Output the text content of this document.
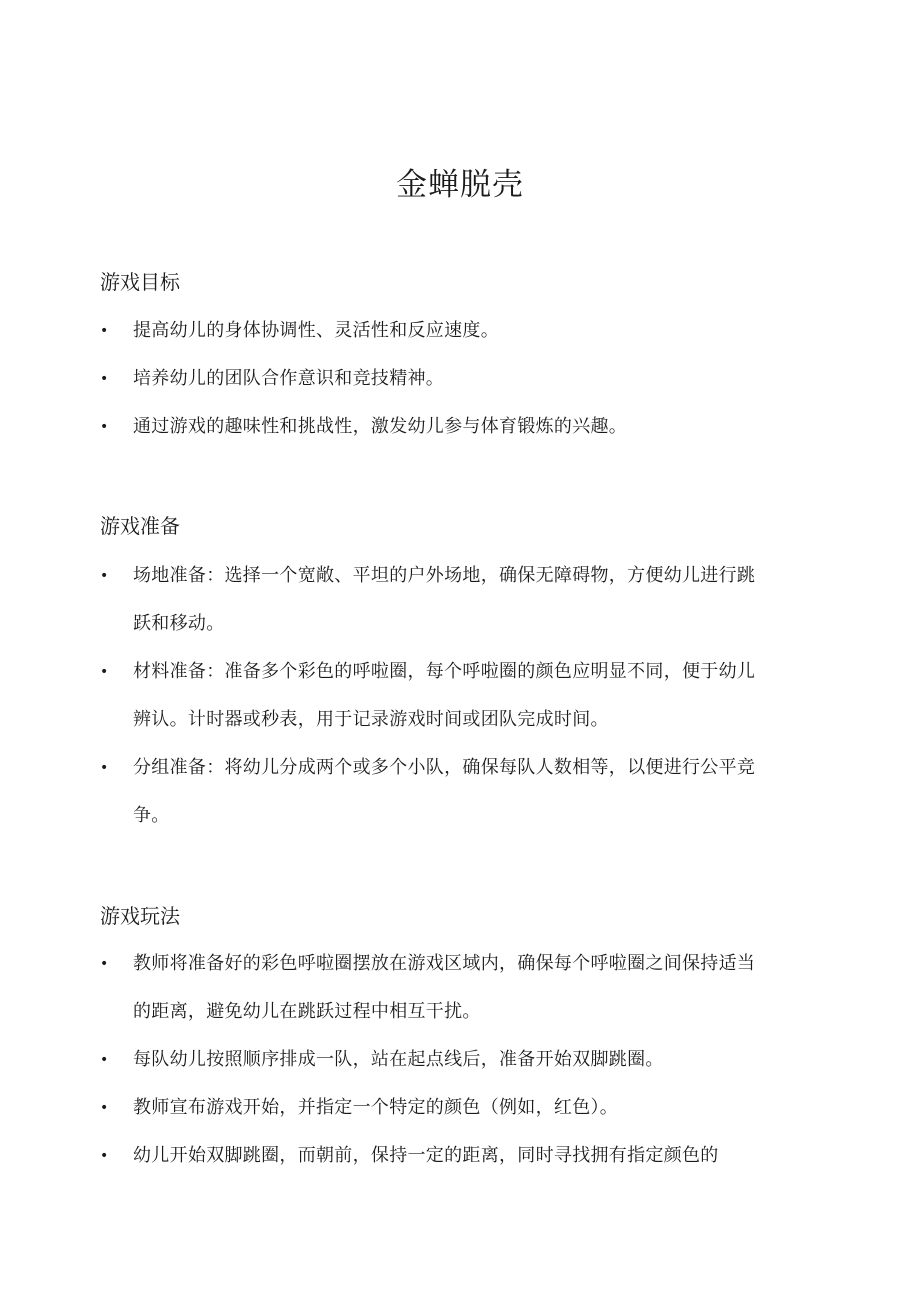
金蝉脱壳
游戏目标
• 提高幼儿的身体协调性、灵活性和反应速度。
• 培养幼儿的团队合作意识和竞技精神。
• 通过游戏的趣味性和挑战性，激发幼儿参与体育锻炼的兴趣。
游戏准备
• 场地准备：选择一个宽敞、平坦的户外场地，确保无障碍物，方便幼儿进行跳
跃和移动。
• 材料准备：准备多个彩色的呼啦圈，每个呼啦圈的颜色应明显不同，便于幼儿
辨认。计时器或秒表，用于记录游戏时间或团队完成时间。
• 分组准备：将幼儿分成两个或多个小队，确保每队人数相等，以便进行公平竞
争。
游戏玩法
• 教师将准备好的彩色呼啦圈摆放在游戏区域内，确保每个呼啦圈之间保持适当
的距离，避免幼儿在跳跃过程中相互干扰。
• 每队幼儿按照顺序排成一队，站在起点线后，准备开始双脚跳圈。
• 教师宣布游戏开始，并指定一个特定的颜色（例如，红色）。
• 幼儿开始双脚跳圈，而朝前，保持一定的距离，同时寻找拥有指定颜色的
